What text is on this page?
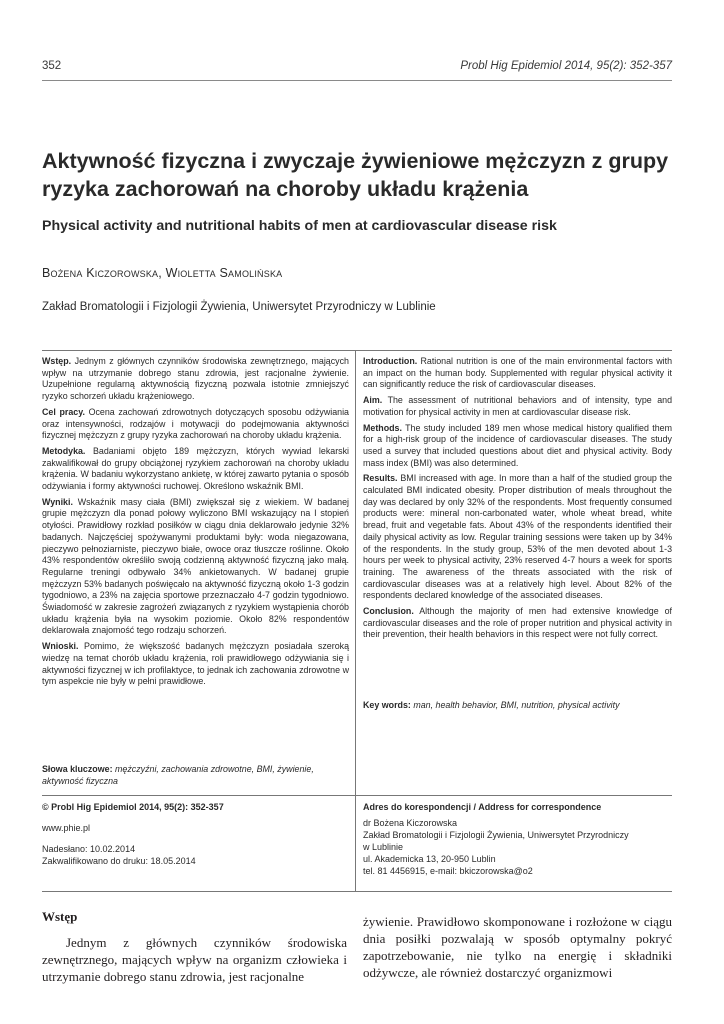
352	Probl Hig Epidemiol 2014, 95(2): 352-357
Aktywność fizyczna i zwyczaje żywieniowe mężczyzn z grupy ryzyka zachorowań na choroby układu krążenia
Physical activity and nutritional habits of men at cardiovascular disease risk
Bożena Kiczorowska, Wioletta Samolińska
Zakład Bromatologii i Fizjologii Żywienia, Uniwersytet Przyrodniczy w Lublinie

Wstęp. Jednym z głównych czynników środowiska zewnętrznego, mających wpływ na utrzymanie dobrego stanu zdrowia, jest racjonalne żywienie. Uzupełnione regularną aktywnością fizyczną pozwala istotnie zmniejszyć ryzyko schorzeń układu krążeniowego.

Cel pracy. Ocena zachowań zdrowotnych dotyczących sposobu odżywiania oraz intensywności, rodzajów i motywacji do podejmowania aktywności fizycznej mężczyzn z grupy ryzyka zachorowań na choroby układu krążenia.

Metodyka. Badaniami objęto 189 mężczyzn, których wywiad lekarski zakwalifikował do grupy obciążonej ryzykiem zachorowań na choroby układu krążenia. W badaniu wykorzystano ankietę, w której zawarto pytania o sposób odżywiania i formy aktywności ruchowej. Określono wskaźnik BMI.

Wyniki. Wskaźnik masy ciała (BMI) zwiększał się z wiekiem. W badanej grupie mężczyzn dla ponad połowy wyliczono BMI wskazujący na I stopień otyłości. Prawidłowy rozkład posiłków w ciągu dnia deklarowało jedynie 32% badanych. Najczęściej spożywanymi produktami były: woda niegazowana, pieczywo pełnoziarniste, pieczywo białe, owoce oraz tłuszcze roślinne. Około 43% respondentów określiło swoją codzienną aktywność fizyczną jako małą. Regularne treningi odbywało 34% ankietowanych. W badanej grupie mężczyzn 53% badanych poświęcało na aktywność fizyczną około 1-3 godzin tygodniowo, a 23% na zajęcia sportowe przeznaczało 4-7 godzin tygodniowo. Świadomość w zakresie zagrożeń związanych z ryzykiem wystąpienia chorób układu krążenia była na wysokim poziomie. Około 82% respondentów deklarowała znajomość tego rodzaju schorzeń.

Wnioski. Pomimo, że większość badanych mężczyzn posiadała szeroką wiedzę na temat chorób układu krążenia, roli prawidłowego odżywiania się i aktywności fizycznej w ich profilaktyce, to jednak ich zachowania zdrowotne w tym aspekcie nie były w pełni prawidłowe.

Słowa kluczowe: mężczyźni, zachowania zdrowotne, BMI, żywienie, aktywność fizyczna

Introduction. Rational nutrition is one of the main environmental factors with an impact on the human body. Supplemented with regular physical activity it can significantly reduce the risk of cardiovascular diseases.

Aim. The assessment of nutritional behaviors and of intensity, type and motivation for physical activity in men at cardiovascular disease risk.

Methods. The study included 189 men whose medical history qualified them for a high-risk group of the incidence of cardiovascular diseases. The study used a survey that included questions about diet and physical activity. Body mass index (BMI) was also determined.

Results. BMI increased with age. In more than a half of the studied group the calculated BMI indicated obesity. Proper distribution of meals throughout the day was declared by only 32% of the respondents. Most frequently consumed products were: mineral non-carbonated water, whole wheat bread, white bread, fruit and vegetable fats. About 43% of the respondents identified their daily physical activity as low. Regular training sessions were taken up by 34% of the respondents. In the study group, 53% of the men devoted about 1-3 hours per week to physical activity, 23% reserved 4-7 hours a week for sports training. The awareness of the threats associated with the risk of cardiovascular diseases was at a relatively high level. About 82% of the respondents declared knowledge of the associated diseases.

Conclusion. Although the majority of men had extensive knowledge of cardiovascular diseases and the role of proper nutrition and physical activity in their prevention, their health behaviors in this respect were not fully correct.

Key words: man, health behavior, BMI, nutrition, physical activity
© Probl Hig Epidemiol 2014, 95(2): 352-357
www.phie.pl
Nadesłano: 10.02.2014
Zakwalifikowano do druku: 18.05.2014
Adres do korespondencji / Address for correspondence
dr Bożena Kiczorowska
Zakład Bromatologii i Fizjologii Żywienia, Uniwersytet Przyrodniczy
w Lublinie
ul. Akademicka 13, 20-950 Lublin
tel. 81 4456915, e-mail: bkiczorowska@o2
Wstęp
Jednym z głównych czynników środowiska zewnętrznego, mających wpływ na organizm człowieka i utrzymanie dobrego stanu zdrowia, jest racjonalne
żywienie. Prawidłowo skomponowane i rozłożone w ciągu dnia posiłki pozwalają w sposób optymalny pokryć zapotrzebowanie, nie tylko na energię i składniki odżywcze, ale również dostarczyć organizmowi
